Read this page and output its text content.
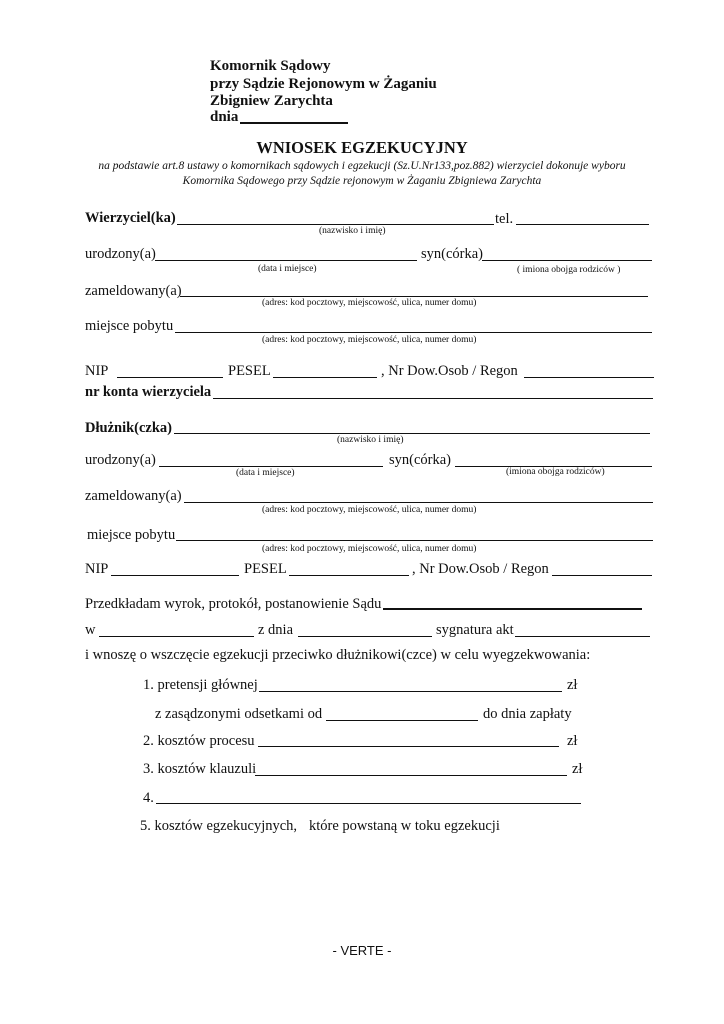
Komornik Sądowy
przy Sądzie Rejonowym w Żaganiu
Zbigniew Zarychta
dnia
WNIOSEK EGZEKUCYJNY
na podstawie art.8 ustawy o komornikach sądowych i egzekucji (Sz.U.Nr133,poz.882) wierzyciel dokonuje wyboru
Komornika Sądowego przy Sądzie rejonowym w Żaganiu Zbigniewa Zarychta
Wierzyciel(ka)	tel.
(nazwisko i imię)
urodzony(a)	syn(córka)
(data i miejsce)	( imiona obojga rodziców )
zameldowany(a)
(adres: kod pocztowy, miejscowość, ulica, numer domu)
miejsce pobytu
(adres: kod pocztowy, miejscowość, ulica, numer domu)
NIP	PESEL	, Nr Dow.Osob / Regon
nr konta wierzyciela
Dłużnik(czka)
(nazwisko i imię)
urodzony(a)	syn(córka)
(data i miejsce)	(imiona obojga rodziców)
zameldowany(a)
(adres: kod pocztowy, miejscowość, ulica, numer domu)
miejsce pobytu
(adres: kod pocztowy, miejscowość, ulica, numer domu)
NIP	PESEL	, Nr Dow.Osob / Regon
Przedkładam wyrok, protokół, postanowienie Sądu
w	z dnia	sygnatura akt
i wnoszę o wszczęcie egzekucji przeciwko dłużnikowi(czce) w celu wyegzekwowania:
1. pretensji głównej	zł
z zasądzonymi odsetkami od	do dnia zapłaty
2. kosztów procesu	zł
3. kosztów klauzuli	zł
4.
5. kosztów egzekucyjnych, które powstaną w toku egzekucji
- VERTE -
